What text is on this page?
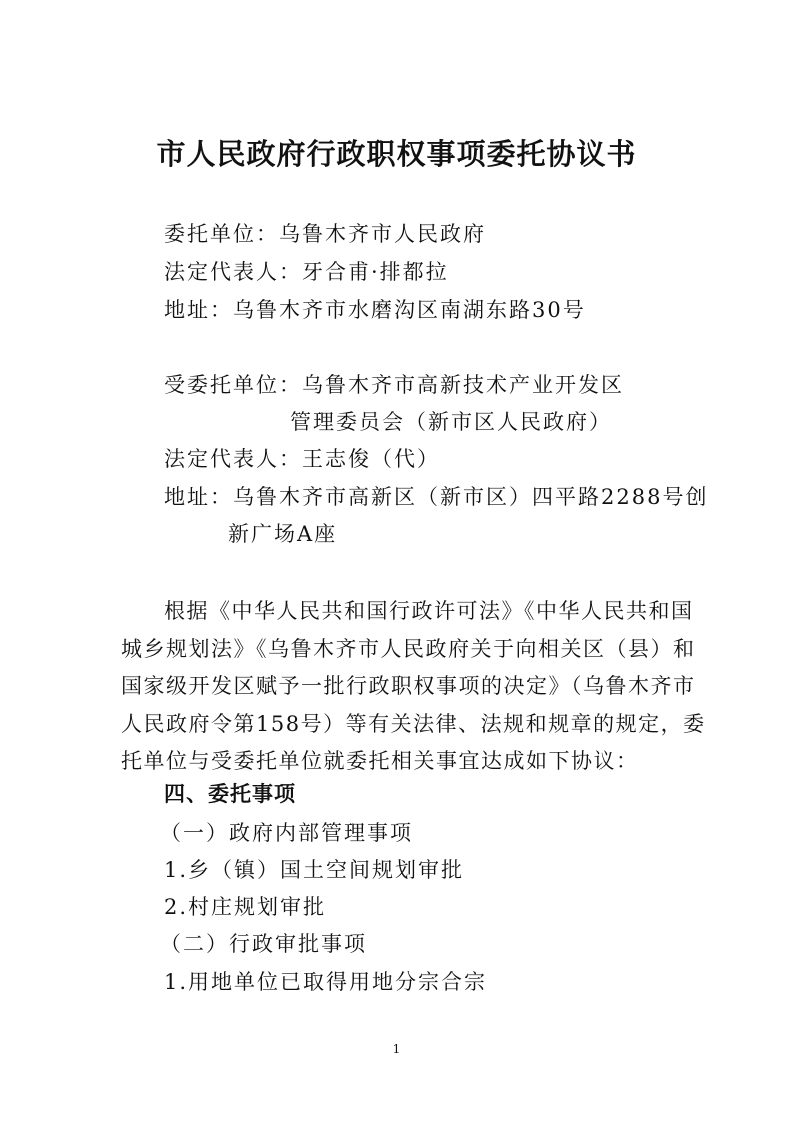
市人民政府行政职权事项委托协议书
委托单位：乌鲁木齐市人民政府
法定代表人：牙合甫·排都拉
地址：乌鲁木齐市水磨沟区南湖东路30号
受委托单位：乌鲁木齐市高新技术产业开发区
管理委员会（新市区人民政府）
法定代表人：王志俊（代）
地址：乌鲁木齐市高新区（新市区）四平路2288号创
新广场A座
根据《中华人民共和国行政许可法》《中华人民共和国
城乡规划法》《乌鲁木齐市人民政府关于向相关区（县）和
国家级开发区赋予一批行政职权事项的决定》（乌鲁木齐市
人民政府令第158号）等有关法律、法规和规章的规定，委
托单位与受委托单位就委托相关事宜达成如下协议：
四、委托事项
（一）政府内部管理事项
1.乡（镇）国土空间规划审批
2.村庄规划审批
（二）行政审批事项
1.用地单位已取得用地分宗合宗
1
